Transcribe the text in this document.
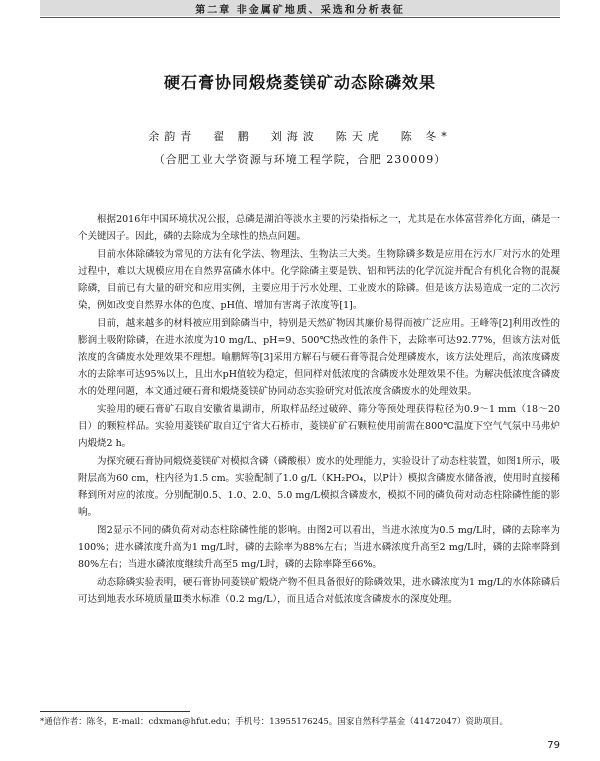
第二章 非金属矿地质、采选和分析表征
硬石膏协同煅烧菱镁矿动态除磷效果
余韵青  翟 鹏  刘海波  陈天虎  陈 冬*
（合肥工业大学资源与环境工程学院，合肥 230009）

根据2016年中国环境状况公报，总磷是湖泊等淡水主要的污染指标之一，尤其是在水体富营养化方面，磷是一个关键因子。因此，磷的去除成为全球性的热点问题。

目前水体除磷较为常见的方法有化学法、物理法、生物法三大类。生物除磷多数是应用在污水厂对污水的处理过程中，难以大规模应用在自然界富磷水体中。化学除磷主要是铁、铝和钙法的化学沉淀并配合有机化合物的混凝除磷，目前已有大量的研究和应用实例，主要应用于污水处理、工业废水的除磷。但是该方法易造成一定的二次污染，例如改变自然界水体的色度、pH值、增加有害离子浓度等[1]。

目前，越来越多的材料被应用到除磷当中，特别是天然矿物因其廉价易得而被广泛应用。王峰等[2]利用改性的膨润土吸附除磷，在进水浓度为10 mg/L、pH=9、500℃热改性的条件下，去除率可达92.77%，但该方法对低浓度的含磷废水处理效果不理想。喻鹏辉等[3]采用方解石与硬石膏等混合处理磷废水，该方法处理后，高浓度磷废水的去除率可达95%以上，且出水pH值较为稳定，但同样对低浓度的含磷废水处理效果不佳。为解决低浓度含磷废水的处理问题，本文通过硬石膏和煅烧菱镁矿协同动态实验研究对低浓度含磷废水的处理效果。

实验用的硬石膏矿石取自安徽省巢湖市，所取样品经过破碎、筛分等预处理获得粒径为0.9～1 mm（18～20目）的颗粒样品。实验用菱镁矿取自辽宁省大石桥市，菱镁矿矿石颗粒使用前需在800℃温度下空气气氛中马弗炉内煅烧2 h。

为探究硬石膏协同煅烧菱镁矿对模拟含磷（磷酸根）废水的处理能力，实验设计了动态柱装置，如图1所示，吸附层高为60 cm，柱内径为1.5 cm。实验配制了1.0 g/L（KH₂PO₄，以P计）模拟含磷废水储备液，使用时直接稀释到所对应的浓度。分别配制0.5、1.0、2.0、5.0 mg/L模拟含磷废水，模拟不同的磷负荷对动态柱除磷性能的影响。

图2显示不同的磷负荷对动态柱除磷性能的影响。由图2可以看出，当进水浓度为0.5 mg/L时，磷的去除率为100%；进水磷浓度升高为1 mg/L时，磷的去除率为88%左右；当进水磷浓度升高至2 mg/L时，磷的去除率降到80%左右；当进水磷浓度继续升高至5 mg/L时，磷的去除率降至66%。

动态除磷实验表明，硬石膏协同菱镁矿煅烧产物不但具备很好的除磷效果，进水磷浓度为1 mg/L的水体除磷后可达到地表水环境质量Ⅲ类水标准（0.2 mg/L），而且适合对低浓度含磷废水的深度处理。

*通信作者：陈冬，E-mail：cdxman@hfut.edu；手机号：13955176245。国家自然科学基金（41472047）资助项目。
79
